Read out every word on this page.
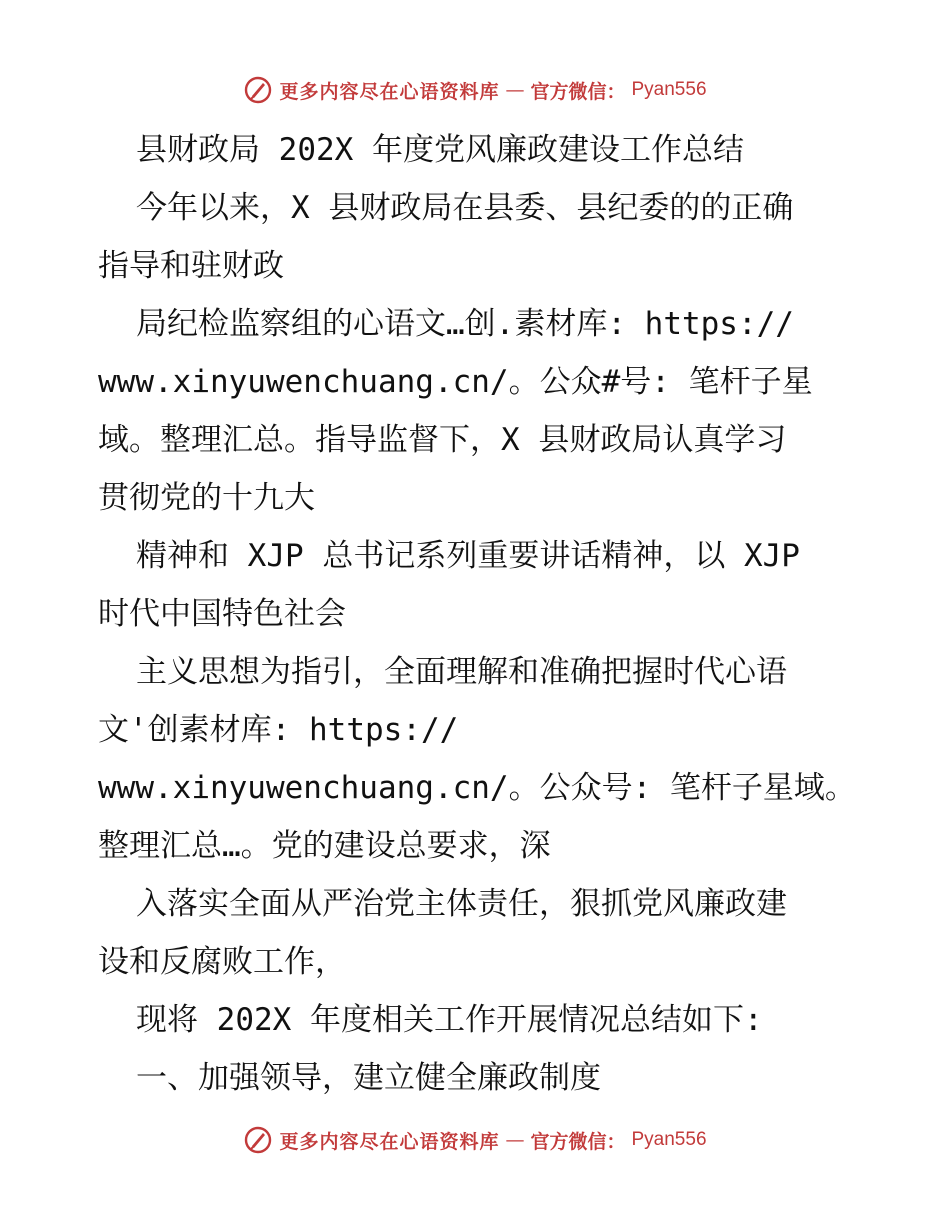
更多内容尽在心语资料库 — 官方微信： Pyan556
县财政局 202X 年度党风廉政建设工作总结
今年以来，X 县财政局在县委、县纪委的的正确
指导和驻财政
局纪检监察组的心语文…创.素材库: https://
www.xinyuwenchuang.cn/。公众#号: 笔杆子星
域。整理汇总。指导监督下，X 县财政局认真学习
贯彻党的十九大
精神和 XJP 总书记系列重要讲话精神，以 XJP
时代中国特色社会
主义思想为指引，全面理解和准确把握时代心语
文'创素材库: https://
www.xinyuwenchuang.cn/。公众号: 笔杆子星域。
整理汇总…。党的建设总要求，深
入落实全面从严治党主体责任，狠抓党风廉政建
设和反腐败工作，
现将 202X 年度相关工作开展情况总结如下:
一、加强领导，建立健全廉政制度
更多内容尽在心语资料库 — 官方微信： Pyan556
